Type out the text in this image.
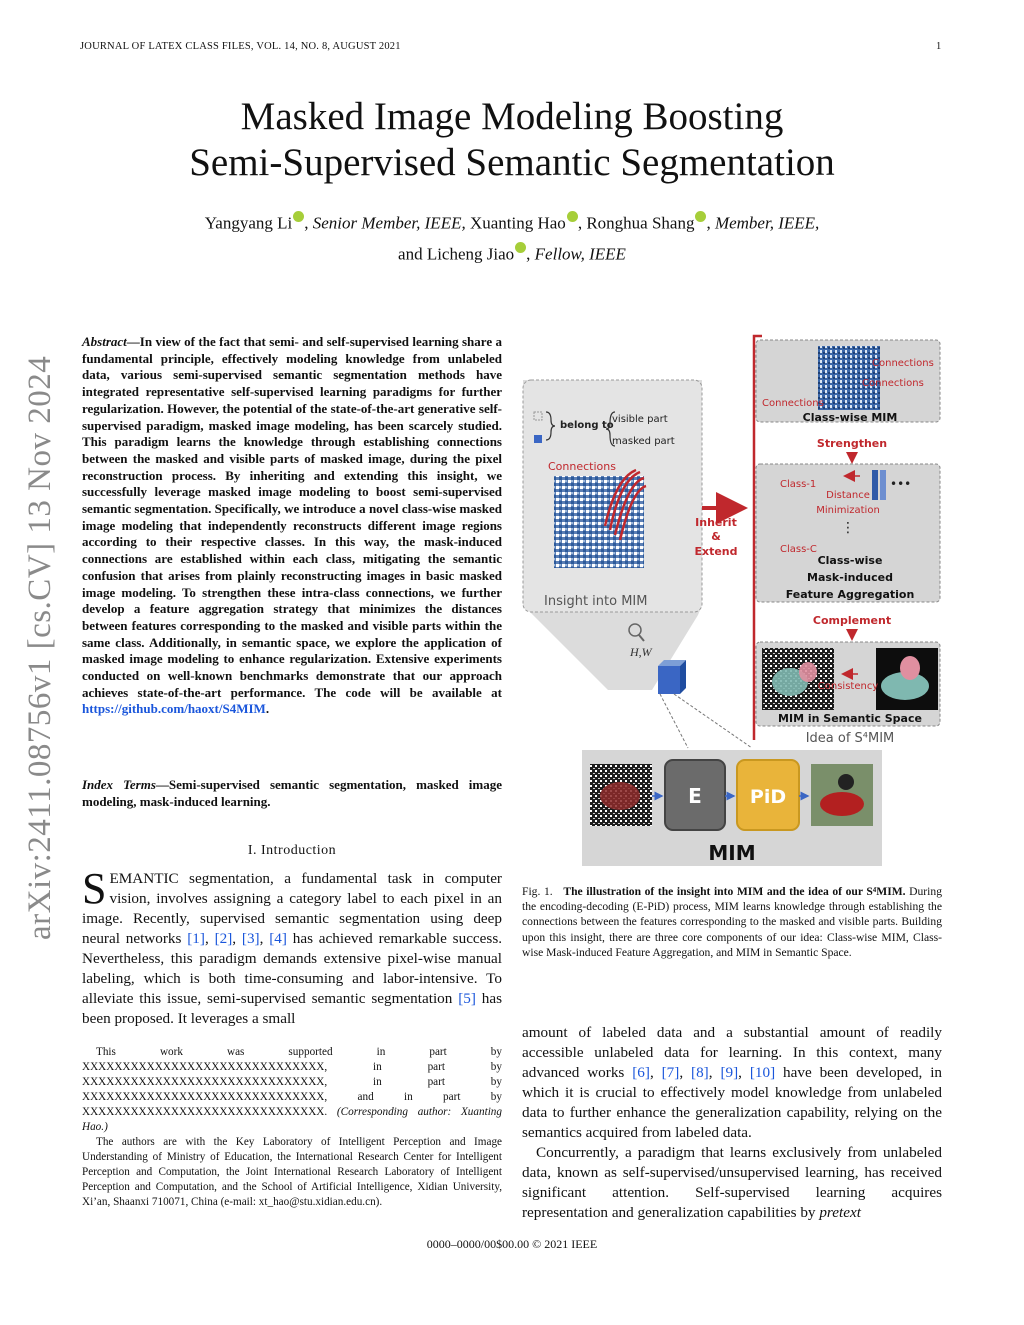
JOURNAL OF LATEX CLASS FILES, VOL. 14, NO. 8, AUGUST 2021	1
Masked Image Modeling Boosting
Semi-Supervised Semantic Segmentation
Yangyang Li , Senior Member, IEEE, Xuanting Hao , Ronghua Shang , Member, IEEE,
and Licheng Jiao , Fellow, IEEE
arXiv:2411.08756v1 [cs.CV] 13 Nov 2024
Abstract—In view of the fact that semi- and self-supervised learning share a fundamental principle, effectively modeling knowledge from unlabeled data, various semi-supervised semantic segmentation methods have integrated representative self-supervised learning paradigms for further regularization. However, the potential of the state-of-the-art generative self-supervised paradigm, masked image modeling, has been scarcely studied. This paradigm learns the knowledge through establishing connections between the masked and visible parts of masked image, during the pixel reconstruction process. By inheriting and extending this insight, we successfully leverage masked image modeling to boost semi-supervised semantic segmentation. Specifically, we introduce a novel class-wise masked image modeling that independently reconstructs different image regions according to their respective classes. In this way, the mask-induced connections are established within each class, mitigating the semantic confusion that arises from plainly reconstructing images in basic masked image modeling. To strengthen these intra-class connections, we further develop a feature aggregation strategy that minimizes the distances between features corresponding to the masked and visible parts within the same class. Additionally, in semantic space, we explore the application of masked image modeling to enhance regularization. Extensive experiments conducted on well-known benchmarks demonstrate that our approach achieves state-of-the-art performance. The code will be available at https://github.com/haoxt/S4MIM.
Index Terms—Semi-supervised semantic segmentation, masked image modeling, mask-induced learning.
I. Introduction
SEMANTIC segmentation, a fundamental task in computer vision, involves assigning a category label to each pixel in an image. Recently, supervised semantic segmentation using deep neural networks [1], [2], [3], [4] has achieved remarkable success. Nevertheless, this paradigm demands extensive pixel-wise manual labeling, which is both time-consuming and labor-intensive. To alleviate this issue, semi-supervised semantic segmentation [5] has been proposed. It leverages a small
This work was supported in part by XXXXXXXXXXXXXXXXXXXXXXXXXXXXXX, in part by XXXXXXXXXXXXXXXXXXXXXXXXXXXXXX, in part by XXXXXXXXXXXXXXXXXXXXXXXXXXXXXX, and in part by XXXXXXXXXXXXXXXXXXXXXXXXXXXXXX. (Corresponding author: Xuanting Hao.)
The authors are with the Key Laboratory of Intelligent Perception and Image Understanding of Ministry of Education, the International Research Center for Intelligent Perception and Computation, the Joint International Research Laboratory of Intelligent Perception and Computation, and the School of Artificial Intelligence, Xidian University, Xi’an, Shaanxi 710071, China (e-mail: xt_hao@stu.xidian.edu.cn).
amount of labeled data and a substantial amount of readily accessible unlabeled data for learning. In this context, many advanced works [6], [7], [8], [9], [10] have been developed, in which it is crucial to effectively model knowledge from unlabeled data to further enhance the generalization capability, relying on the semantics acquired from labeled data.
Concurrently, a paradigm that learns exclusively from unlabeled data, known as self-supervised/unsupervised learning, has received significant attention. Self-supervised learning acquires representation and generalization capabilities by pretext
belong to
visible part
masked part
Connections
Insight into MIM
H,W
Inherit
&
Extend
Connections
Connections
Connections
Class-wise MIM
Strengthen
Class-1
Class-C
•••
Distance
Minimization
⋮
Class-wise
Mask-induced
Feature Aggregation
Complement
Consistency
MIM in Semantic Space
Idea of S⁴MIM
E	PiD
MIM
Fig. 1. The illustration of the insight into MIM and the idea of our S⁴MIM. During the encoding-decoding (E-PiD) process, MIM learns knowledge through establishing the connections between the features corresponding to the masked and visible parts. Building upon this insight, there are three core components of our idea: Class-wise MIM, Class-wise Mask-induced Feature Aggregation, and MIM in Semantic Space.
0000–0000/00$00.00 © 2021 IEEE
